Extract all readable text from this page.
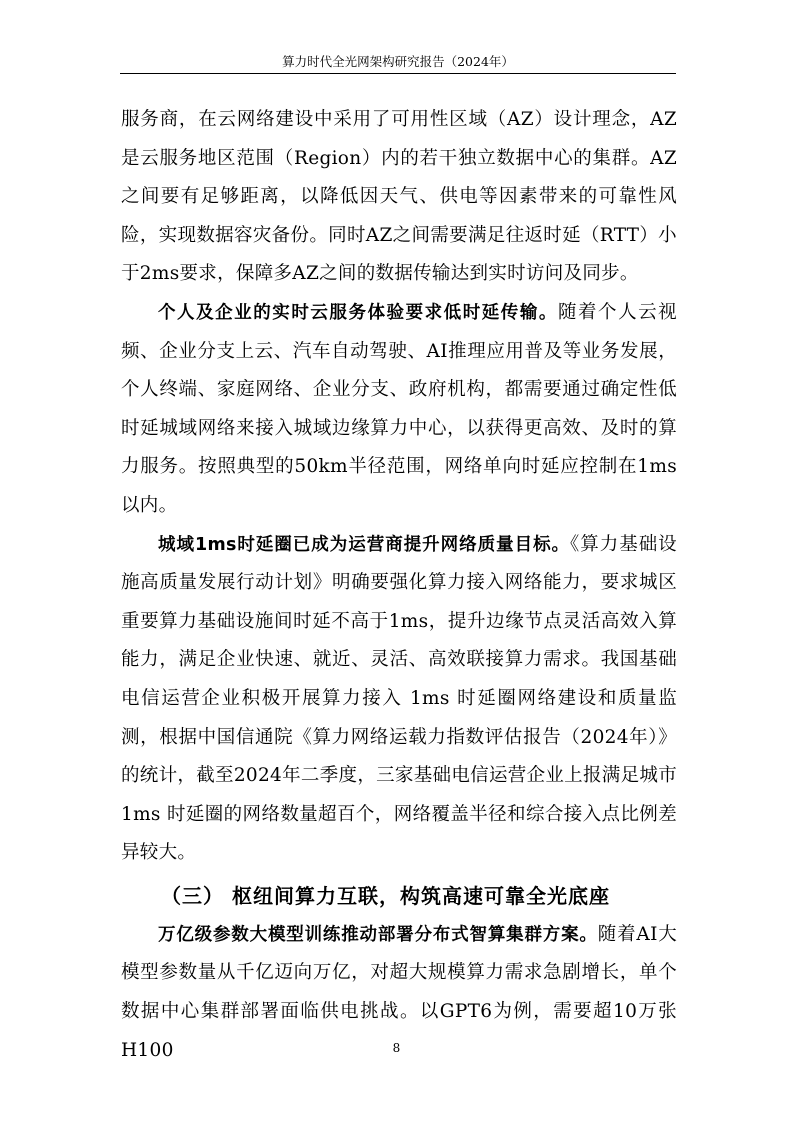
算力时代全光网架构研究报告（2024年）

服务商，在云网络建设中采用了可用性区域（AZ）设计理念，AZ是云服务地区范围（Region）内的若干独立数据中心的集群。AZ之间要有足够距离，以降低因天气、供电等因素带来的可靠性风险，实现数据容灾备份。同时AZ之间需要满足往返时延（RTT）小于2ms要求，保障多AZ之间的数据传输达到实时访问及同步。

个人及企业的实时云服务体验要求低时延传输。随着个人云视频、企业分支上云、汽车自动驾驶、AI推理应用普及等业务发展，个人终端、家庭网络、企业分支、政府机构，都需要通过确定性低时延城域网络来接入城域边缘算力中心，以获得更高效、及时的算力服务。按照典型的50km半径范围，网络单向时延应控制在1ms以内。

城域1ms时延圈已成为运营商提升网络质量目标。《算力基础设施高质量发展行动计划》明确要强化算力接入网络能力，要求城区重要算力基础设施间时延不高于1ms，提升边缘节点灵活高效入算能力，满足企业快速、就近、灵活、高效联接算力需求。我国基础电信运营企业积极开展算力接入 1ms 时延圈网络建设和质量监测，根据中国信通院《算力网络运载力指数评估报告（2024年）》的统计，截至2024年二季度，三家基础电信运营企业上报满足城市 1ms 时延圈的网络数量超百个，网络覆盖半径和综合接入点比例差异较大。

（三） 枢纽间算力互联，构筑高速可靠全光底座

万亿级参数大模型训练推动部署分布式智算集群方案。随着AI大模型参数量从千亿迈向万亿，对超大规模算力需求急剧增长，单个数据中心集群部署面临供电挑战。以GPT6为例，需要超10万张H100	8
